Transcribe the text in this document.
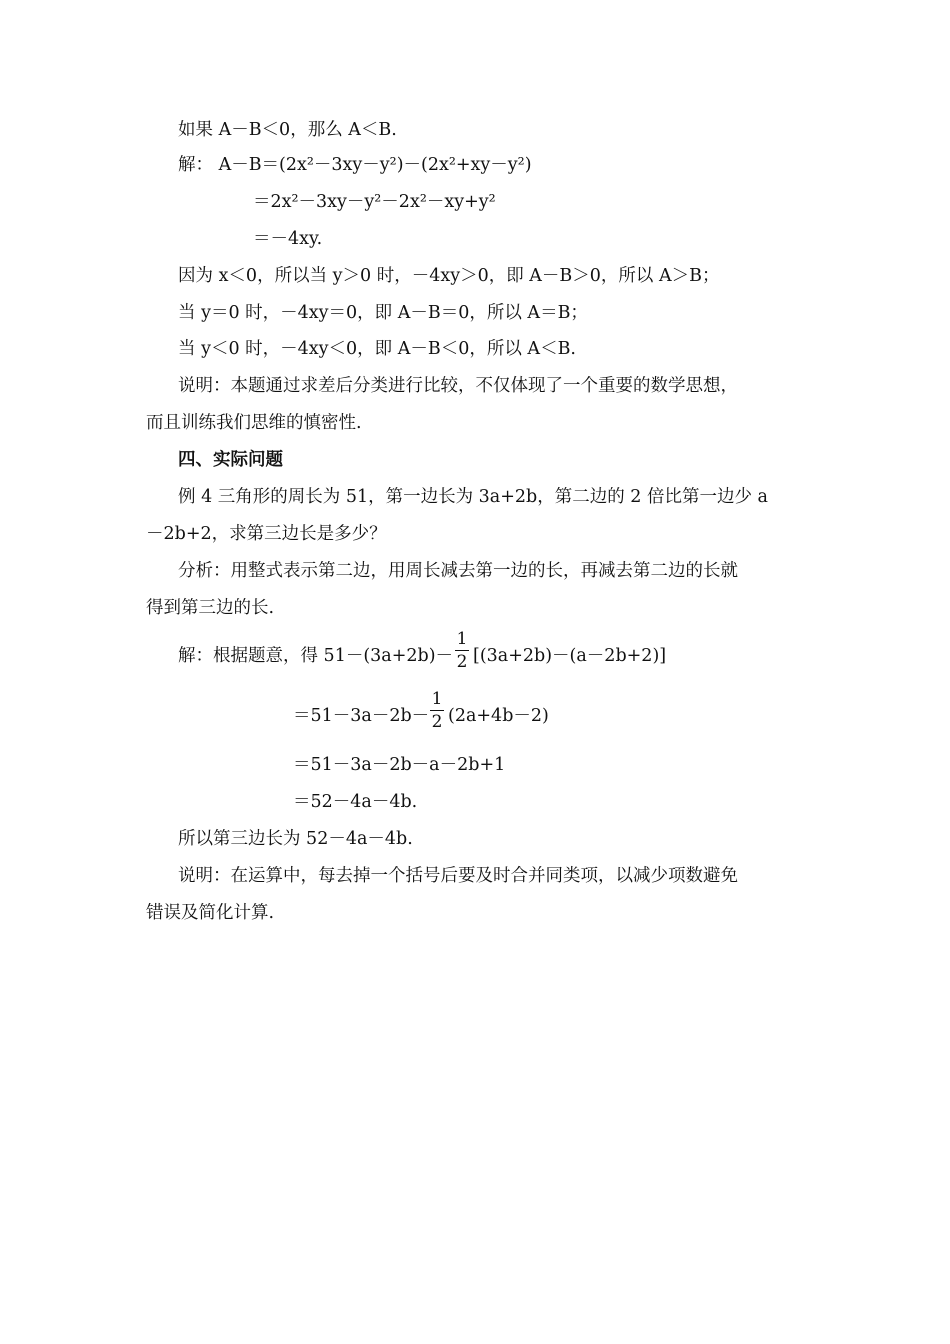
如果 A－B＜0，那么 A＜B.
解： A－B＝(2x²－3xy－y²)－(2x²+xy－y²)
＝2x²－3xy－y²－2x²－xy+y²
＝－4xy.
因为 x＜0，所以当 y＞0 时，－4xy＞0，即 A－B＞0，所以 A＞B；
当 y＝0 时，－4xy＝0，即 A－B＝0，所以 A＝B；
当 y＜0 时，－4xy＜0，即 A－B＜0，所以 A＜B.
说明：本题通过求差后分类进行比较，不仅体现了一个重要的数学思想，
而且训练我们思维的慎密性.
四、实际问题
例 4 三角形的周长为 51，第一边长为 3a+2b，第二边的 2 倍比第一边少 a
－2b+2，求第三边长是多少？
分析：用整式表示第二边，用周长减去第一边的长，再减去第二边的长就
得到第三边的长.
解：根据题意，得 51－(3a+2b)－
1
2 [(3a+2b)－(a－2b+2)]
＝51－3a－2b－
1
2 (2a+4b－2)
＝51－3a－2b－a－2b+1
＝52－4a－4b.
所以第三边长为 52－4a－4b.
说明：在运算中，每去掉一个括号后要及时合并同类项，以减少项数避免
错误及简化计算.
